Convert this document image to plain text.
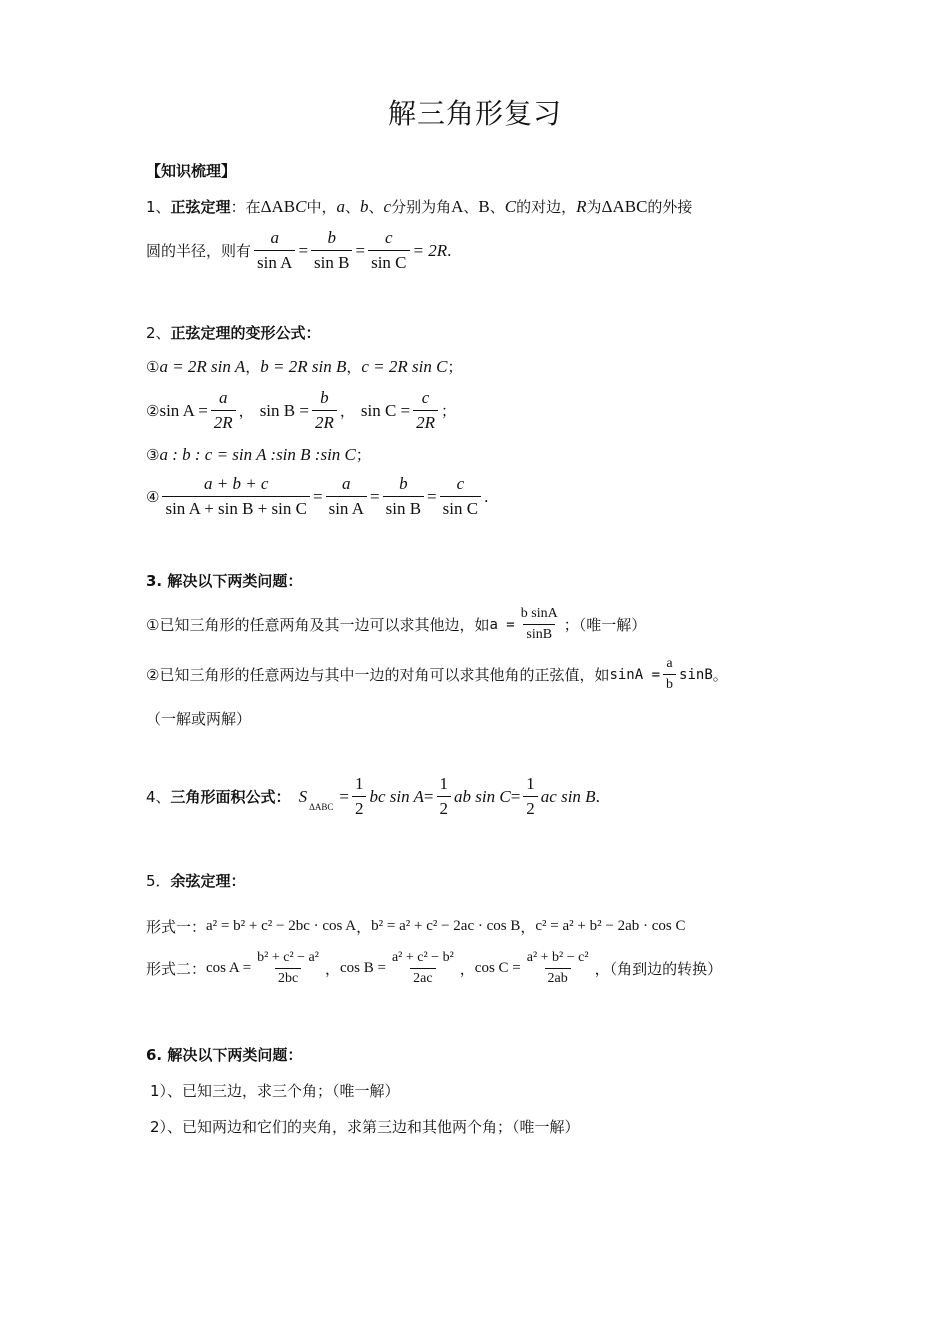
解三角形复习
【知识梳理】
1、 正弦定理 ：在 ΔAB C 中， a 、 b 、 c 分别为角 A 、 B 、 C 的对边， R 为 ΔABC 的外接
圆的半径，则有 $\frac{a}{\text{sin A}} = \frac{b}{\text{sin B}} = \frac{c}{\text{sin C}} = 2R$ .
2、 正弦定理的变形公式：
① a = 2R sin A ， b = 2R sin B ， c = 2R sin C ；
② $\sin A = \frac{a}{2R}$ ， $\sin B = \frac{b}{2R}$ ， $\sin C = \frac{c}{2R}$ ；
③ a : b : c = sin A :sin B :sin C ；
④ $\frac{a + b + c}{\text{sin A + sin B + sin C}} = \frac{a}{\text{sin A}} = \frac{b}{\text{sin B}} = \frac{c}{\text{sin C}}$ .
3. 解决以下两类问题：
①已知三角形的任意两角及其一边可以求其他边，如 $a = \frac{\text{b sinA}}{\sin B}$ ；（唯一解）
②已知三角形的任意两边与其中一边的对角可以求其他角的正弦值，如 $\sin A = \frac{a}{b}$ sinB 。
（一解或两解）
4、 三角形面积公式： S
ΔABC
= $\frac{1}{2}$ bc $\sin A = \frac{1}{2}$ ab $\sin C = \frac{1}{2}$ ac sin B .
5． 余弦定理：
形式一： a² = b² + c² − 2bc · cos A ， b² = a² + c² − 2ac · cos B ， c² = a² + b² − 2ab · cos C
形式二： $\cos A = \frac{\text{b² + c² − a²}}{2bc}$ ， $\cos B = \frac{\text{a² + c² − b²}}{2ac}$ ， $\cos C = \frac{\text{a² + b² − c²}}{2ab}$ ，（角到边的转换）
6. 解决以下两类问题：
1）、已知三边，求三个角；（唯一解）
2）、已知两边和它们的夹角，求第三边和其他两个角；（唯一解）
